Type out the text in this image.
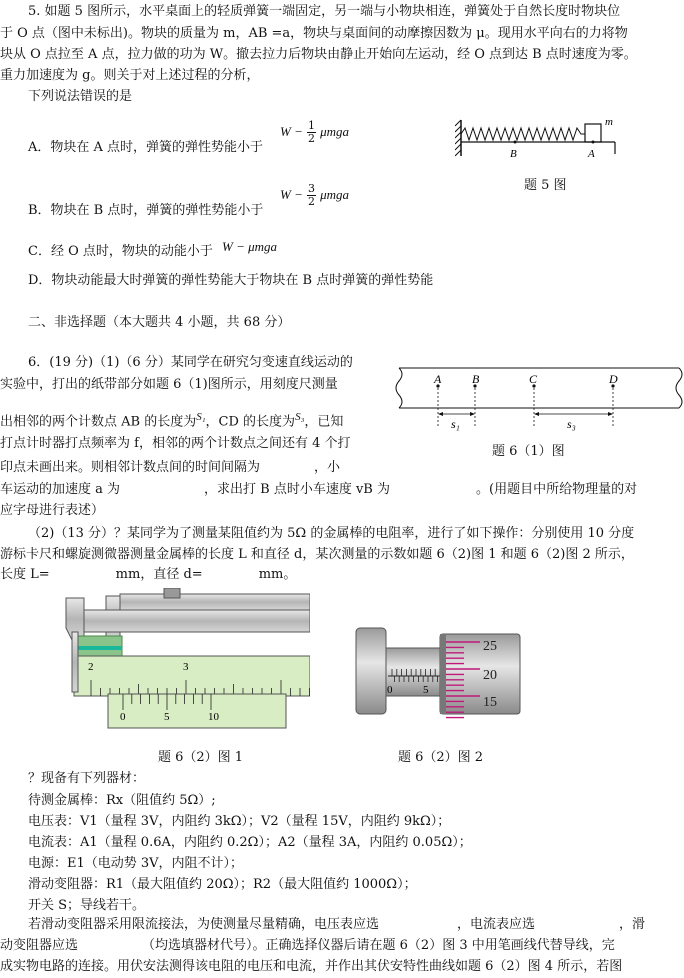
5. 如题 5 图所示，水平桌面上的轻质弹簧一端固定，另一端与小物块相连，弹簧处于自然长度时物块位
于 O 点（图中未标出)。物块的质量为 m，AB =a，物块与桌面间的动摩擦因数为 μ。现用水平向右的力将物
块从 O 点拉至 A 点，拉力做的功为 W。撤去拉力后物块由静止开始向左运动，经 O 点到达 B 点时速度为零。
重力加速度为 g。则关于对上述过程的分析，
下列说法错误的是
A．物块在 A 点时，弹簧的弹性势能小于
$W - \frac{1}{2}$ μmga
B．物块在 B 点时，弹簧的弹性势能小于
$W - \frac{3}{2}$ μmga
C．经 O 点时，物块的动能小于 W − μmga
D．物块动能最大时弹簧的弹性势能大于物块在 B 点时弹簧的弹性势能
m
B	A
题 5 图
二、非选择题（本大题共 4 小题，共 68 分）
6．(19 分)（1)（6 分）某同学在研究匀变速直线运动的
实验中，打出的纸带部分如题 6（1)图所示，用刻度尺测量
出相邻的两个计数点 AB 的长度为$^{S_1}$，CD 的长度为$^{S_3}$，已知
打点计时器打点频率为 f，相邻的两个计数点之间还有 4 个打
印点未画出来。则相邻计数点间的时间间隔为	，小
车运动的加速度 a 为	，求出打 B 点时小车速度 vB 为	。(用题目中所给物理量的对
应字母进行表述）
A	B	C	D
s₁	s₃
题 6（1）图
（2)（13 分）？某同学为了测量某阻值约为 5Ω 的金属棒的电阻率，进行了如下操作：分别使用 10 分度
游标卡尺和螺旋测微器测量金属棒的长度 L 和直径 d，某次测量的示数如题 6（2)图 1 和题 6（2)图 2 所示，
长度 L=	mm，直径 d=	mm。
2	3
0	5	10
题 6（2）图 1
0	5
25
20
15
题 6（2）图 2
？现备有下列器材：
待测金属棒：Rx（阻值约 5Ω）;
电压表：V1（量程 3V，内阻约 3kΩ）；V2（量程 15V，内阻约 9kΩ）；
电流表：A1（量程 0.6A，内阻约 0.2Ω）；A2（量程 3A，内阻约 0.05Ω）；
电源：E1（电动势 3V，内阻不计）；
滑动变阻器：R1（最大阻值约 20Ω）；R2（最大阻值约 1000Ω）；
开关 S；导线若干。
若滑动变阻器采用限流接法，为使测量尽量精确，电压表应选	，电流表应选	，滑
动变阻器应选	（均选填器材代号）。正确选择仪器后请在题 6（2）图 3 中用笔画线代替导线，完
成实物电路的连接。用伏安法测得该电阻的电压和电流，并作出其伏安特性曲线如题 6（2）图 4 所示，若图
